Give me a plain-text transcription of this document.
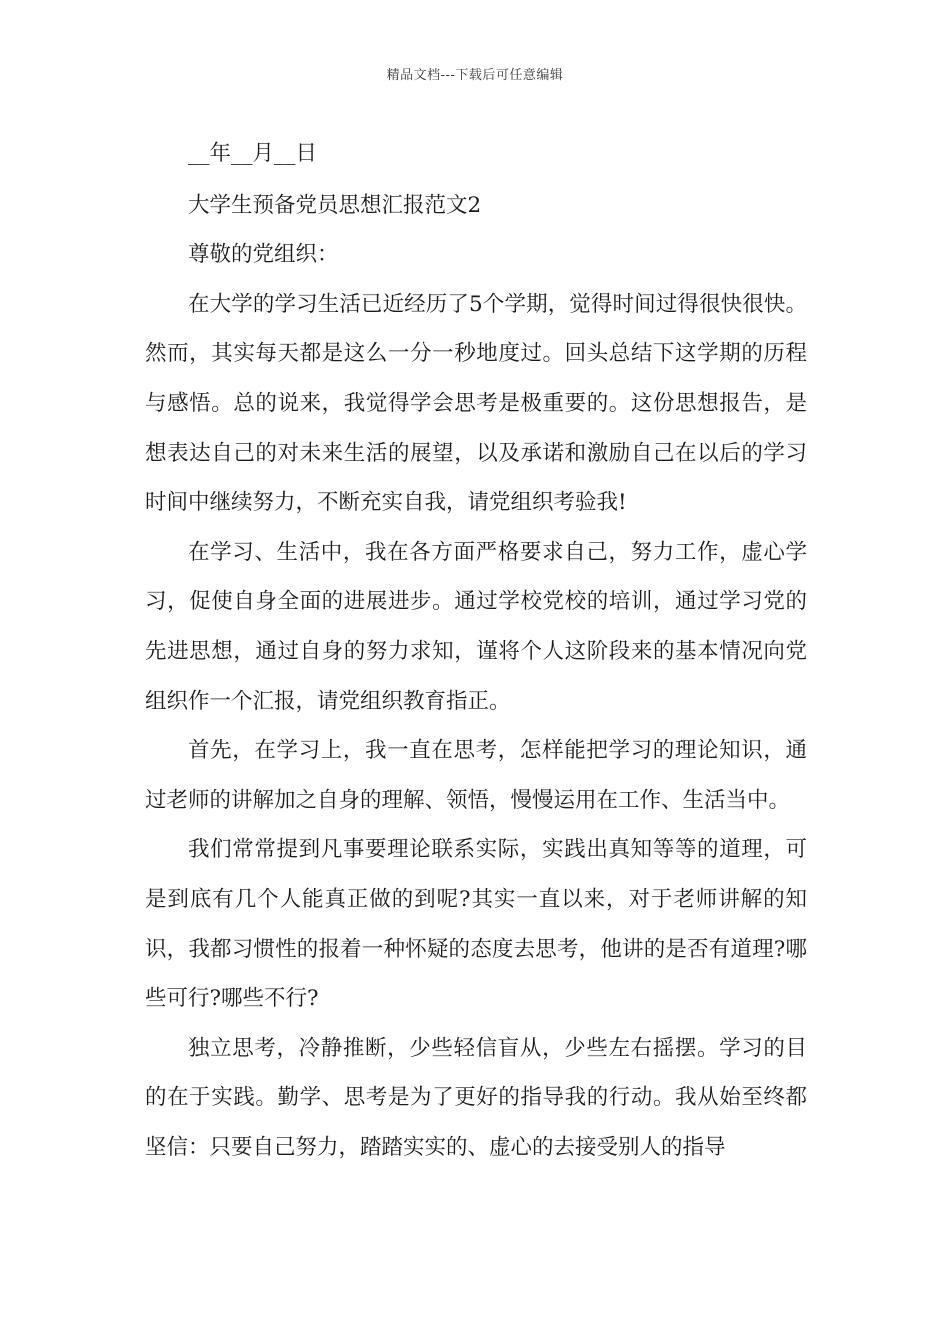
精品文档---下载后可任意编辑

__年__月__日

大学生预备党员思想汇报范文2

尊敬的党组织：

在大学的学习生活已近经历了5个学期，觉得时间过得很快很快。然而，其实每天都是这么一分一秒地度过。回头总结下这学期的历程与感悟。总的说来，我觉得学会思考是极重要的。这份思想报告，是想表达自己的对未来生活的展望，以及承诺和激励自己在以后的学习时间中继续努力，不断充实自我，请党组织考验我!

在学习、生活中，我在各方面严格要求自己，努力工作，虚心学习，促使自身全面的进展进步。通过学校党校的培训，通过学习党的先进思想，通过自身的努力求知，谨将个人这阶段来的基本情况向党组织作一个汇报，请党组织教育指正。

首先，在学习上，我一直在思考，怎样能把学习的理论知识，通过老师的讲解加之自身的理解、领悟，慢慢运用在工作、生活当中。

我们常常提到凡事要理论联系实际，实践出真知等等的道理，可是到底有几个人能真正做的到呢?其实一直以来，对于老师讲解的知识，我都习惯性的报着一种怀疑的态度去思考，他讲的是否有道理?哪些可行?哪些不行?

独立思考，冷静推断，少些轻信盲从，少些左右摇摆。学习的目的在于实践。勤学、思考是为了更好的指导我的行动。我从始至终都坚信：只要自己努力，踏踏实实的、虚心的去接受别人的指导
